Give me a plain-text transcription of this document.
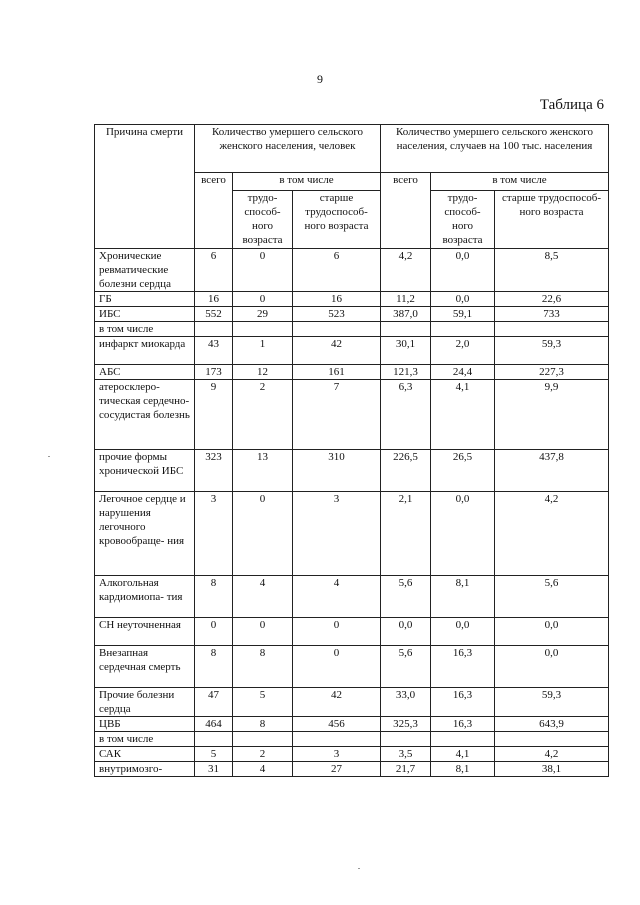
9
Таблица 6
Причина смерти	Количество умершего сельского женского населения, человек			Количество умершего сельского женского населения, случаев на 100 тыс. населения		
	всего	в том числе		всего	в том числе	
		трудо- способ- ного возраста	старше трудоспособ- ного возраста		трудо- способ- ного возраста	старше трудоспособ- ного возраста
Хронические ревматические болезни сердца	6	0	6	4,2	0,0	8,5
ГБ	16	0	16	11,2	0,0	22,6
ИБС	552	29	523	387,0	59,1	733
в том числе						
инфаркт миокарда	43	1	42	30,1	2,0	59,3
АБС	173	12	161	121,3	24,4	227,3
атеросклеро- тическая сердечно- сосудистая болезнь	9	2	7	6,3	4,1	9,9
прочие формы хронической ИБС	323	13	310	226,5	26,5	437,8
Легочное сердце и нарушения легочного кровообраще- ния	3	0	3	2,1	0,0	4,2
Алкогольная кардиомиопа- тия	8	4	4	5,6	8,1	5,6
СН неуточненная	0	0	0	0,0	0,0	0,0
Внезапная сердечная смерть	8	8	0	5,6	16,3	0,0
Прочие болезни сердца	47	5	42	33,0	16,3	59,3
ЦВБ	464	8	456	325,3	16,3	643,9
в том числе						
САК	5	2	3	3,5	4,1	4,2
внутримозго-	31	4	27	21,7	8,1	38,1
